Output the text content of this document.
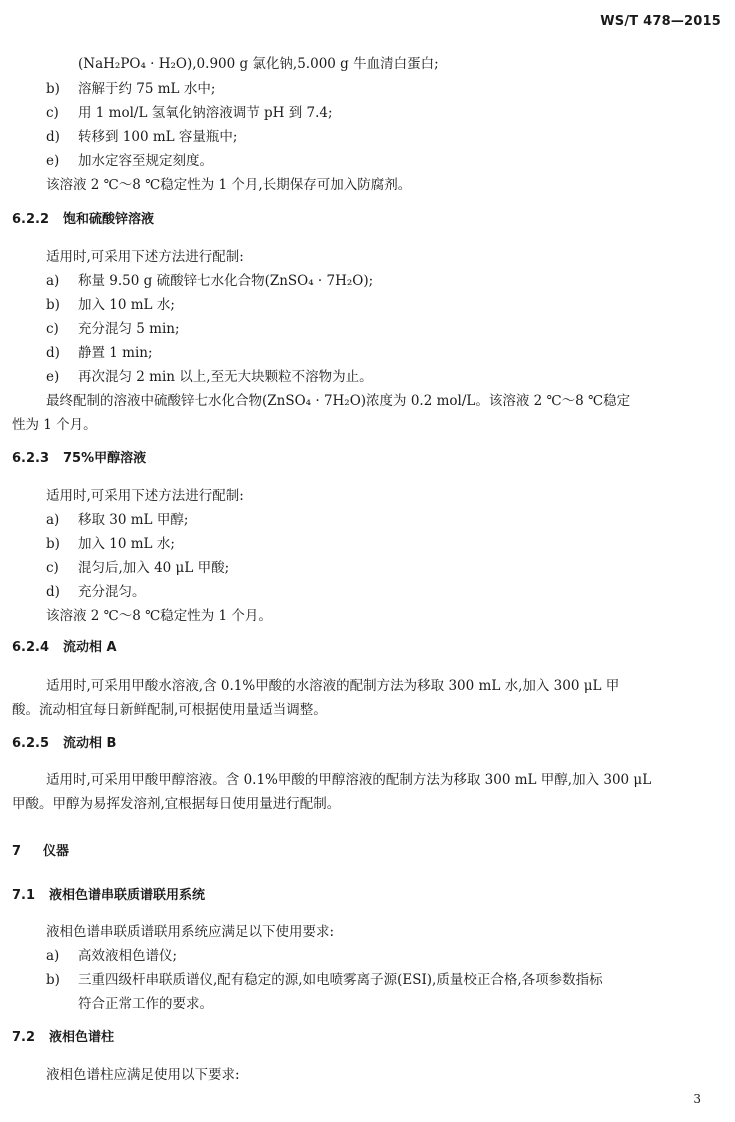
WS/T 478—2015
(NaH₂PO₄ · H₂O),0.900 g 氯化钠,5.000 g 牛血清白蛋白;
b) 溶解于约 75 mL 水中;
c) 用 1 mol/L 氢氧化钠溶液调节 pH 到 7.4;
d) 转移到 100 mL 容量瓶中;
e) 加水定容至规定刻度。
该溶液 2 ℃～8 ℃稳定性为 1 个月,长期保存可加入防腐剂。
6.2.2 饱和硫酸锌溶液
适用时,可采用下述方法进行配制:
a) 称量 9.50 g 硫酸锌七水化合物(ZnSO₄ · 7H₂O);
b) 加入 10 mL 水;
c) 充分混匀 5 min;
d) 静置 1 min;
e) 再次混匀 2 min 以上,至无大块颗粒不溶物为止。
最终配制的溶液中硫酸锌七水化合物(ZnSO₄ · 7H₂O)浓度为 0.2 mol/L。该溶液 2 ℃～8 ℃稳定
性为 1 个月。
6.2.3 75%甲醇溶液
适用时,可采用下述方法进行配制:
a) 移取 30 mL 甲醇;
b) 加入 10 mL 水;
c) 混匀后,加入 40 μL 甲酸;
d) 充分混匀。
该溶液 2 ℃～8 ℃稳定性为 1 个月。
6.2.4 流动相 A
适用时,可采用甲酸水溶液,含 0.1%甲酸的水溶液的配制方法为移取 300 mL 水,加入 300 μL 甲
酸。流动相宜每日新鲜配制,可根据使用量适当调整。
6.2.5 流动相 B
适用时,可采用甲酸甲醇溶液。含 0.1%甲酸的甲醇溶液的配制方法为移取 300 mL 甲醇,加入 300 μL
甲酸。甲醇为易挥发溶剂,宜根据每日使用量进行配制。
7 仪器
7.1 液相色谱串联质谱联用系统
液相色谱串联质谱联用系统应满足以下使用要求:
a) 高效液相色谱仪;
b) 三重四级杆串联质谱仪,配有稳定的源,如电喷雾离子源(ESI),质量校正合格,各项参数指标
符合正常工作的要求。
7.2 液相色谱柱
液相色谱柱应满足使用以下要求:
3
